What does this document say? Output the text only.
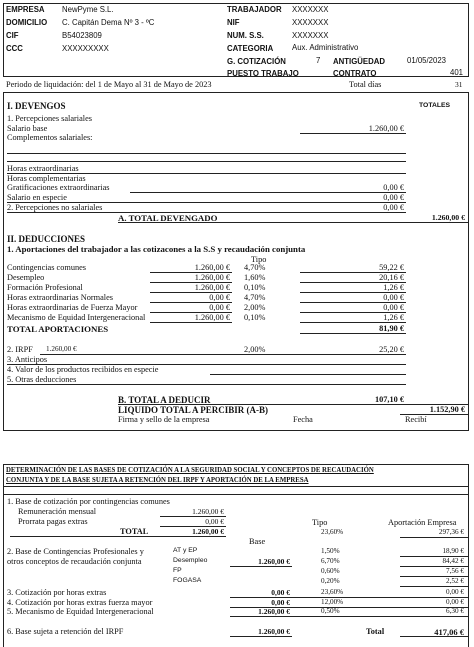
EMPRESA NewPyme S.L.
DOMICILIO C. Capitán Dema Nº 3 - ºC
CIF	B54023809
CCC	XXXXXXXXX
TRABAJADOR XXXXXXX
NIF	XXXXXXX
NUM. S.S.	XXXXXXX
CATEGORIA Aux. Administrativo
G. COTIZACIÓN	7 ANTIGÜEDAD	01/05/2023
PUESTO TRABAJO	CONTRATO	401
Periodo de liquidación: del 1 de Mayo al 31 de Mayo de 2023	Total días	31
I. DEVENGOS	TOTALES
1. Percepciones salariales
Salario base	1.260,00 €
Complementos salariales:
Horas extraordinarias
Horas complementarias
Gratificaciones extraordinarias	0,00 €
Salario en especie	0,00 €
2. Percepciones no salariales	0,00 €
A. TOTAL DEVENGADO	1.260,00 €
II. DEDUCCIONES
1. Aportaciones del trabajador a las cotizacones a la S.S y recaudación conjunta
Tipo
Contingencias comunes	1.260,00 € 4,70%	59,22 €
Desempleo	1.260,00 € 1,60%	20,16 €
Formación Profesional	1.260,00 € 0,10%	1,26 €
Horas extraordinarias Normales	0,00 € 4,70%	0,00 €
Horas extraordinarias de Fuerza Mayor	0,00 € 2,00%	0,00 €
Mecanismo de Equidad Intergeneracional	1.260,00 € 0,10%	1,26 €
TOTAL APORTACIONES	81,90 €
2. IRPF 1.260,00 €	2,00%	25,20 €
3. Anticipos
4. Valor de los productos recibidos en especie
5. Otras deducciones
B. TOTAL A DEDUCIR	107,10 €
LIQUIDO TOTAL A PERCIBIR (A-B)	1.152,90 €
Firma y sello de la empresa	Fecha	Recibí
DETERMINACIÓN DE LAS BASES DE COTIZACIÓN A LA SEGURIDAD SOCIAL Y CONCEPTOS DE RECAUDACIÓN
CONJUNTA Y DE LA BASE SUJETA A RETENCIÓN DEL IRPF Y APORTACIÓN DE LA EMPRESA
1. Base de cotización por contingencias comunes
Remuneración mensual	1.260,00 €
Prorrata pagas extras	0,00 €
TOTAL	1.260,00 €
Tipo	Aportación Empresa
23,60%	297,36 €
Base
2. Base de Contingencias Profesionales y
otros conceptos de recaudación conjunta	1.260,00 €
AT y EP	1,50%	18,90 €
Desempleo	6,70%	84,42 €
FP	0,60%	7,56 €
FOGASA	0,20%	2,52 €
3. Cotización por horas extras	0,00 €	23,60%	0,00 €
4. Cotización por horas extras fuerza mayor	0,00 €	12,00%	0,00 €
5. Mecanismo de Equidad Intergeneracional	1.260,00 €	0,50%	6,30 €
6. Base sujeta a retención del IRPF	1.260,00 €	Total	417,06 €
